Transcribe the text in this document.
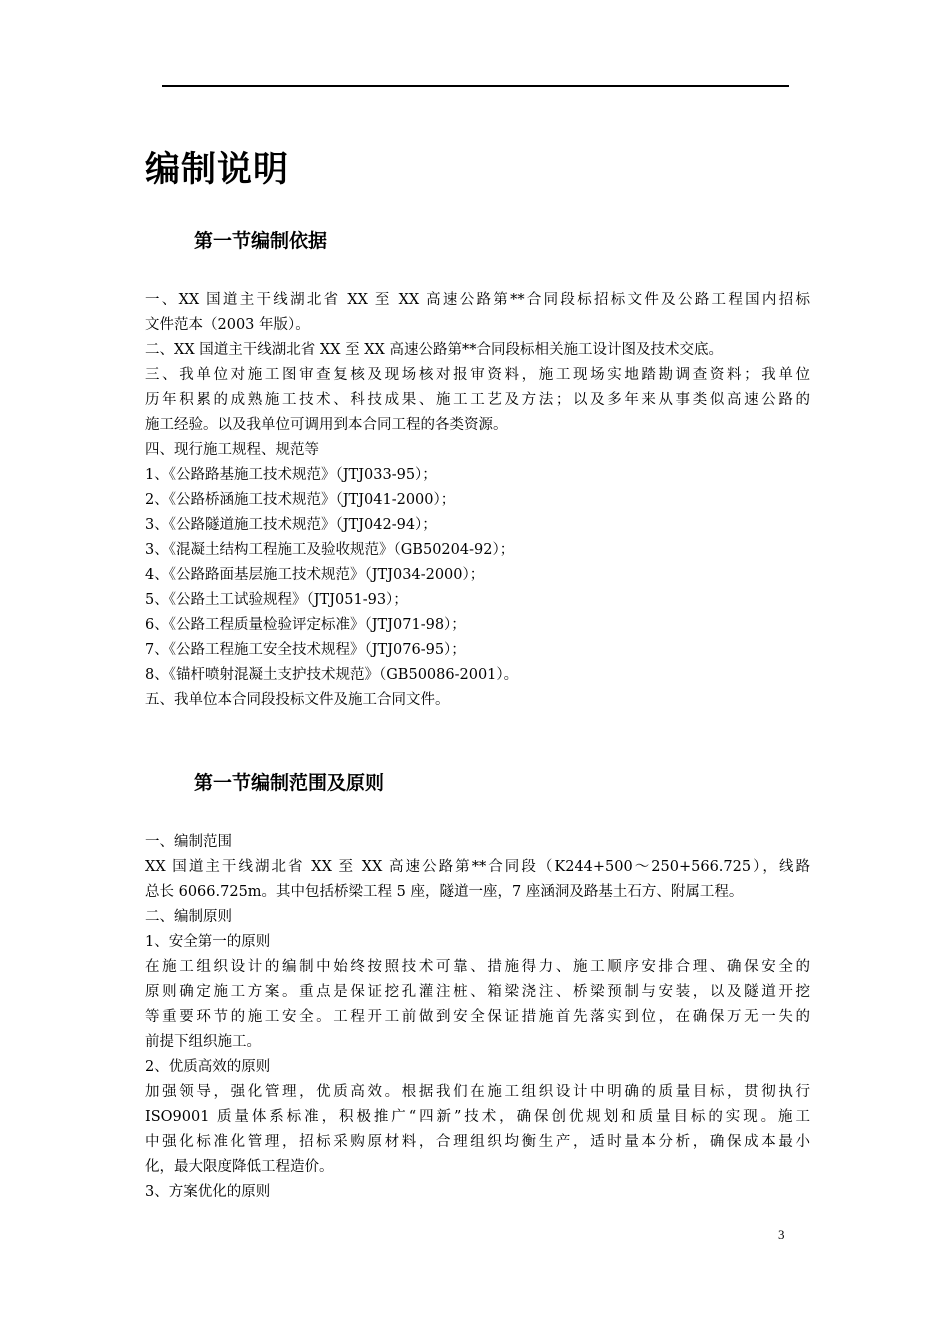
编制说明
第一节编制依据
一、XX 国道主干线湖北省 XX 至 XX 高速公路第**合同段标招标文件及公路工程国内招标
文件范本（2003 年版）。
二、XX 国道主干线湖北省 XX 至 XX 高速公路第**合同段标相关施工设计图及技术交底。
三、我单位对施工图审查复核及现场核对报审资料，施工现场实地踏勘调查资料；我单位
历年积累的成熟施工技术、科技成果、施工工艺及方法；以及多年来从事类似高速公路的
施工经验。以及我单位可调用到本合同工程的各类资源。
四、现行施工规程、规范等
1、《公路路基施工技术规范》（JTJ033-95）；
2、《公路桥涵施工技术规范》（JTJ041-2000）；
3、《公路隧道施工技术规范》（JTJ042-94）；
3、《混凝土结构工程施工及验收规范》（GB50204-92）；
4、《公路路面基层施工技术规范》（JTJ034-2000）；
5、《公路土工试验规程》（JTJ051-93）；
6、《公路工程质量检验评定标准》（JTJ071-98）；
7、《公路工程施工安全技术规程》（JTJ076-95）；
8、《锚杆喷射混凝土支护技术规范》（GB50086-2001）。
五、我单位本合同段投标文件及施工合同文件。
第一节编制范围及原则
一、编制范围
XX 国道主干线湖北省 XX 至 XX 高速公路第**合同段（K244+500～250+566.725），线路
总长 6066.725m。其中包括桥梁工程 5 座，隧道一座，7 座涵洞及路基土石方、附属工程。
二、编制原则
1、安全第一的原则
在施工组织设计的编制中始终按照技术可靠、措施得力、施工顺序安排合理、确保安全的
原则确定施工方案。重点是保证挖孔灌注桩、箱梁浇注、桥梁预制与安装，以及隧道开挖
等重要环节的施工安全。工程开工前做到安全保证措施首先落实到位，在确保万无一失的
前提下组织施工。
2、优质高效的原则
加强领导，强化管理，优质高效。根据我们在施工组织设计中明确的质量目标，贯彻执行
ISO9001 质量体系标准，积极推广“四新”技术，确保创优规划和质量目标的实现。施工
中强化标准化管理，招标采购原材料，合理组织均衡生产，适时量本分析，确保成本最小
化，最大限度降低工程造价。
3、方案优化的原则
3
